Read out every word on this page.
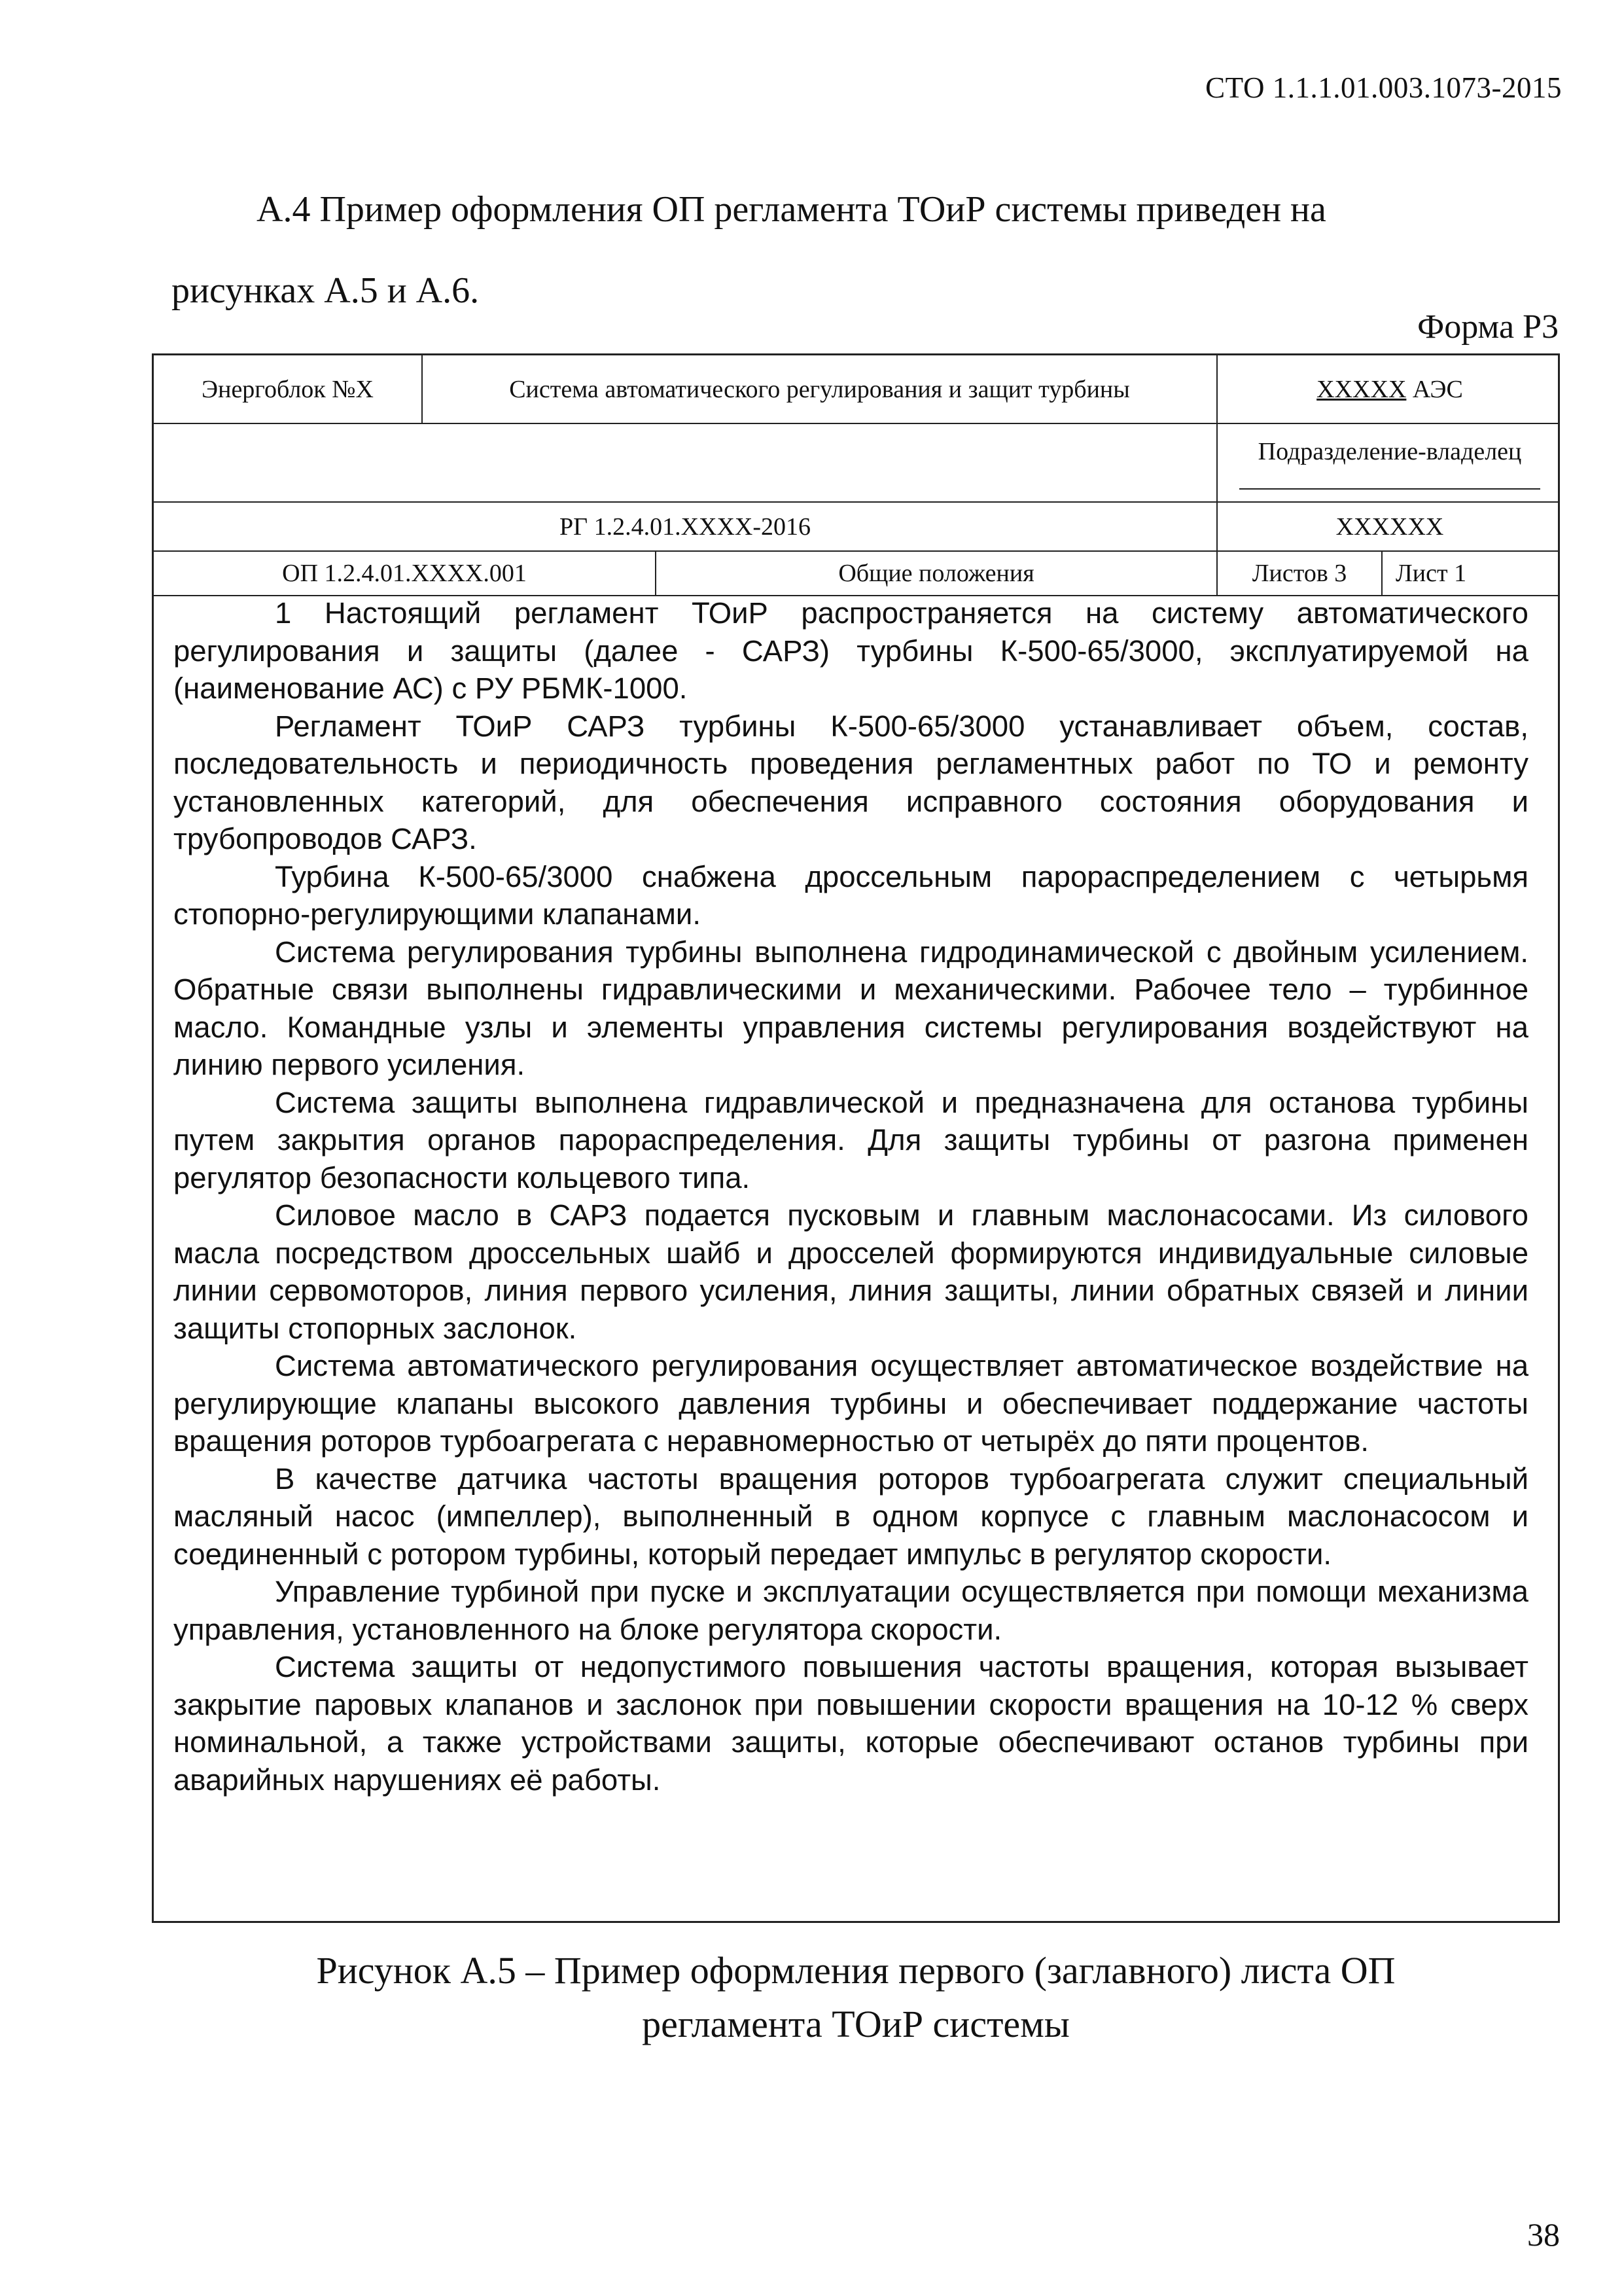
СТО 1.1.1.01.003.1073-2015
А.4 Пример оформления ОП регламента ТОиР системы приведен на
рисунках А.5 и А.6.
Форма Р3
Энергоблок №X	Система автоматического регулирования и защит турбины	XXXXX АЭС
Подразделение-владелец
РГ 1.2.4.01.XXXX-2016	XXXXXX
ОП 1.2.4.01.XXXX.001	Общие положения	Листов 3	Лист 1

1 Настоящий регламент ТОиР распространяется на систему автоматического регулирования и защиты (далее - САРЗ) турбины К-500-65/3000, эксплуатируемой на (наименование АС) с РУ РБМК-1000.

Регламент ТОиР САРЗ турбины К-500-65/3000 устанавливает объем, состав, последовательность и периодичность проведения регламентных работ по ТО и ремонту установленных категорий, для обеспечения исправного состояния оборудования и трубопроводов САРЗ.

Турбина К-500-65/3000 снабжена дроссельным парораспределением с четырьмя стопорно-регулирующими клапанами.

Система регулирования турбины выполнена гидродинамической с двойным усилением. Обратные связи выполнены гидравлическими и механическими. Рабочее тело – турбинное масло. Командные узлы и элементы управления системы регулирования воздействуют на линию первого усиления.

Система защиты выполнена гидравлической и предназначена для останова турбины путем закрытия органов парораспределения. Для защиты турбины от разгона применен регулятор безопасности кольцевого типа.

Силовое масло в САРЗ подается пусковым и главным маслонасосами. Из силового масла посредством дроссельных шайб и дросселей формируются индивидуальные силовые линии сервомоторов, линия первого усиления, линия защиты, линии обратных связей и линии защиты стопорных заслонок.

Система автоматического регулирования осуществляет автоматическое воздействие на регулирующие клапаны высокого давления турбины и обеспечивает поддержание частоты вращения роторов турбоагрегата с неравномерностью от четырёх до пяти процентов.

В качестве датчика частоты вращения роторов турбоагрегата служит специальный масляный насос (импеллер), выполненный в одном корпусе с главным маслонасосом и соединенный с ротором турбины, который передает импульс в регулятор скорости.

Управление турбиной при пуске и эксплуатации осуществляется при помощи механизма управления, установленного на блоке регулятора скорости.

Система защиты от недопустимого повышения частоты вращения, которая вызывает закрытие паровых клапанов и заслонок при повышении скорости вращения на 10-12 % сверх номинальной, а также устройствами защиты, которые обеспечивают останов турбины при аварийных нарушениях её работы.

Рисунок А.5 – Пример оформления первого (заглавного) листа ОП
регламента ТОиР системы
38
